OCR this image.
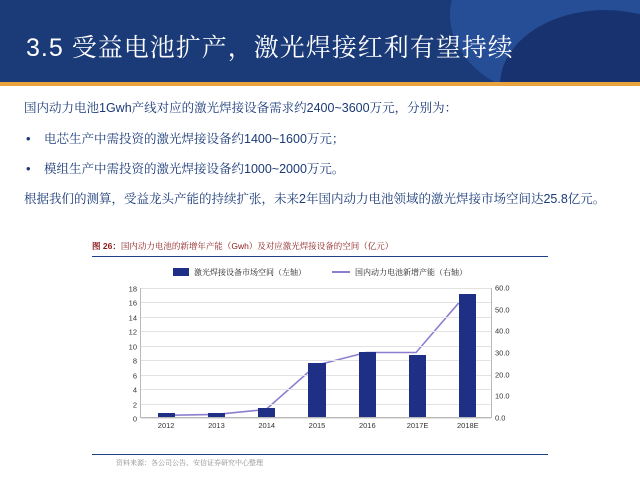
3.5 受益电池扩产，激光焊接红利有望持续

国内动力电池1Gwh产线对应的激光焊接设备需求约2400~3600万元，分别为：

•	电芯生产中需投资的激光焊接设备约1400~1600万元；
•	模组生产中需投资的激光焊接设备约1000~2000万元。

根据我们的测算，受益龙头产能的持续扩张，未来2年国内动力电池领域的激光焊接市场空间达25.8亿元。

图 26：国内动力电池的新增年产能（Gwh）及对应激光焊接设备的空间（亿元）
激光焊接设备市场空间（左轴）	国内动力电池新增产能（右轴）
0
2
4
6
8
10
12
14
16
18
0.0
10.0
20.0
30.0
40.0
50.0
60.0
2012	2013	2014	2015	2016	2017E	2018E
资料来源：各公司公告、安信证券研究中心整理
